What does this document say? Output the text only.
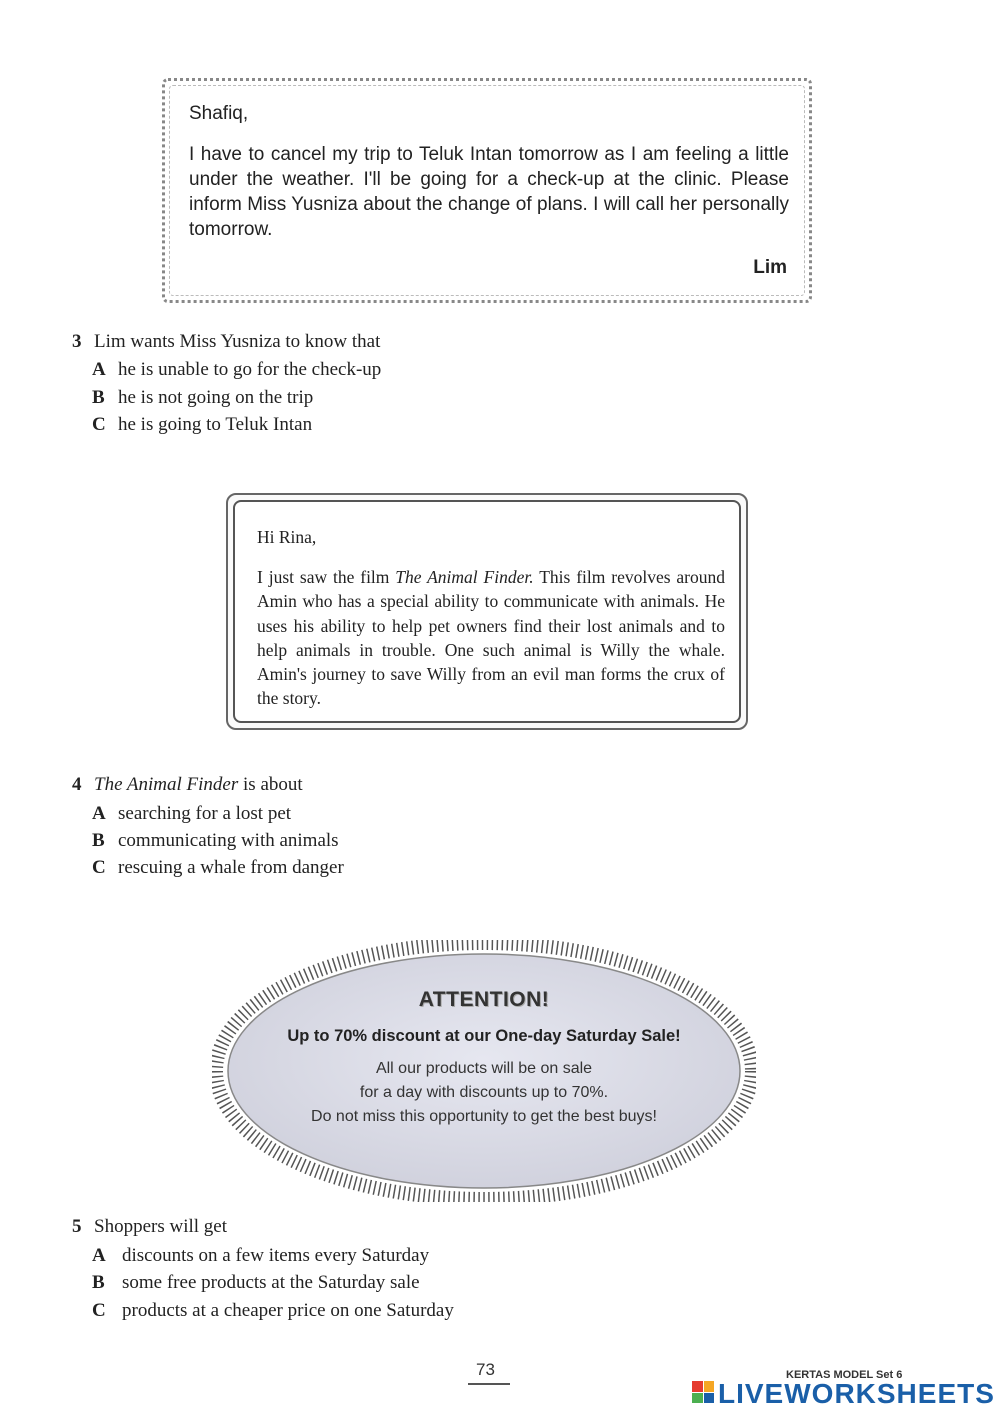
Shafiq,
I have to cancel my trip to Teluk Intan tomorrow as I am feeling a little under the weather. I'll be going for a check-up at the clinic. Please inform Miss Yusniza about the change of plans. I will call her personally tomorrow.
Lim
3 Lim wants Miss Yusniza to know that
A he is unable to go for the check-up
B he is not going on the trip
C he is going to Teluk Intan
Hi Rina,
I just saw the film The Animal Finder. This film revolves around Amin who has a special ability to communicate with animals. He uses his ability to help pet owners find their lost animals and to help animals in trouble. One such animal is Willy the whale. Amin's journey to save Willy from an evil man forms the crux of the story.
4 The Animal Finder is about
A searching for a lost pet
B communicating with animals
C rescuing a whale from danger
ATTENTION!
Up to 70% discount at our One-day Saturday Sale!
All our products will be on sale
for a day with discounts up to 70%.
Do not miss this opportunity to get the best buys!
5 Shoppers will get
A discounts on a few items every Saturday
B some free products at the Saturday sale
C products at a cheaper price on one Saturday
73	KERTAS MODEL Set 6
LIVEWORKSHEETS
